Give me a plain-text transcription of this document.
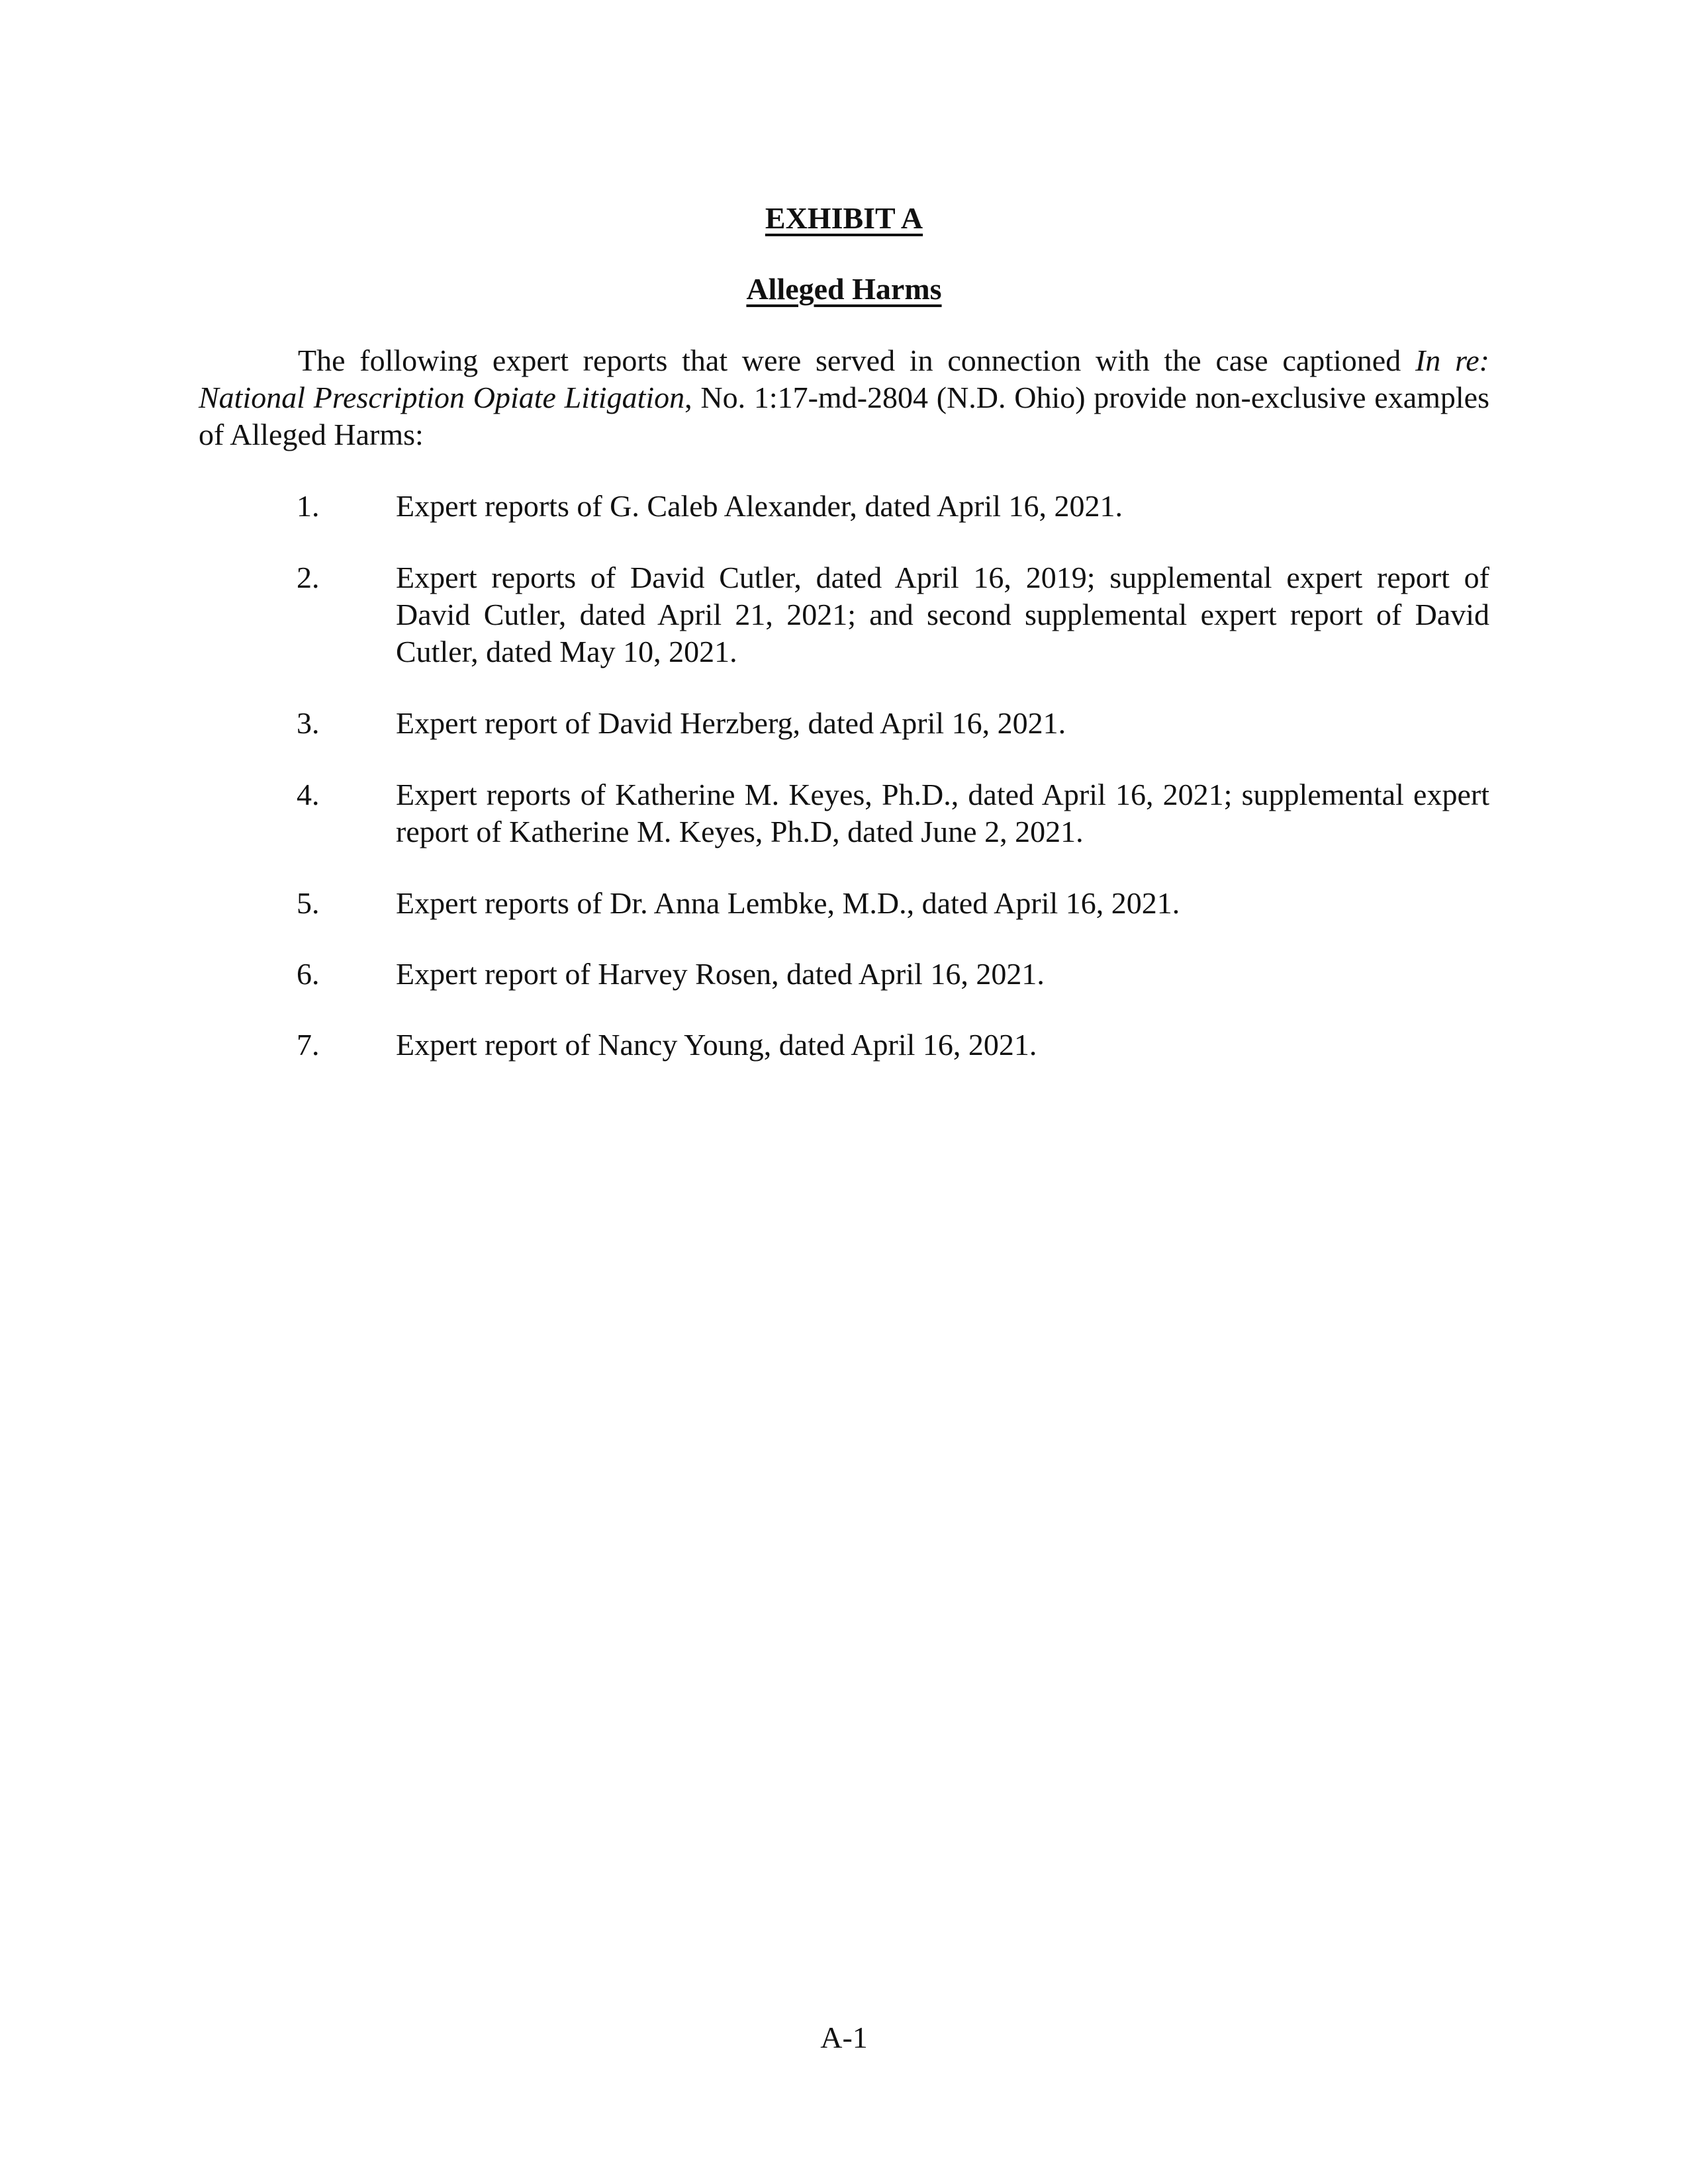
EXHIBIT A
Alleged Harms

The following expert reports that were served in connection with the case captioned In re: National Prescription Opiate Litigation, No. 1:17-md-2804 (N.D. Ohio) provide non-exclusive examples of Alleged Harms:

1.	Expert reports of G. Caleb Alexander, dated April 16, 2021.
2.	Expert reports of David Cutler, dated April 16, 2019; supplemental expert report of David Cutler, dated April 21, 2021; and second supplemental expert report of David Cutler, dated May 10, 2021.
3.	Expert report of David Herzberg, dated April 16, 2021.
4.	Expert reports of Katherine M. Keyes, Ph.D., dated April 16, 2021; supplemental expert report of Katherine M. Keyes, Ph.D, dated June 2, 2021.
5.	Expert reports of Dr. Anna Lembke, M.D., dated April 16, 2021.
6.	Expert report of Harvey Rosen, dated April 16, 2021.
7.	Expert report of Nancy Young, dated April 16, 2021.
A-1
